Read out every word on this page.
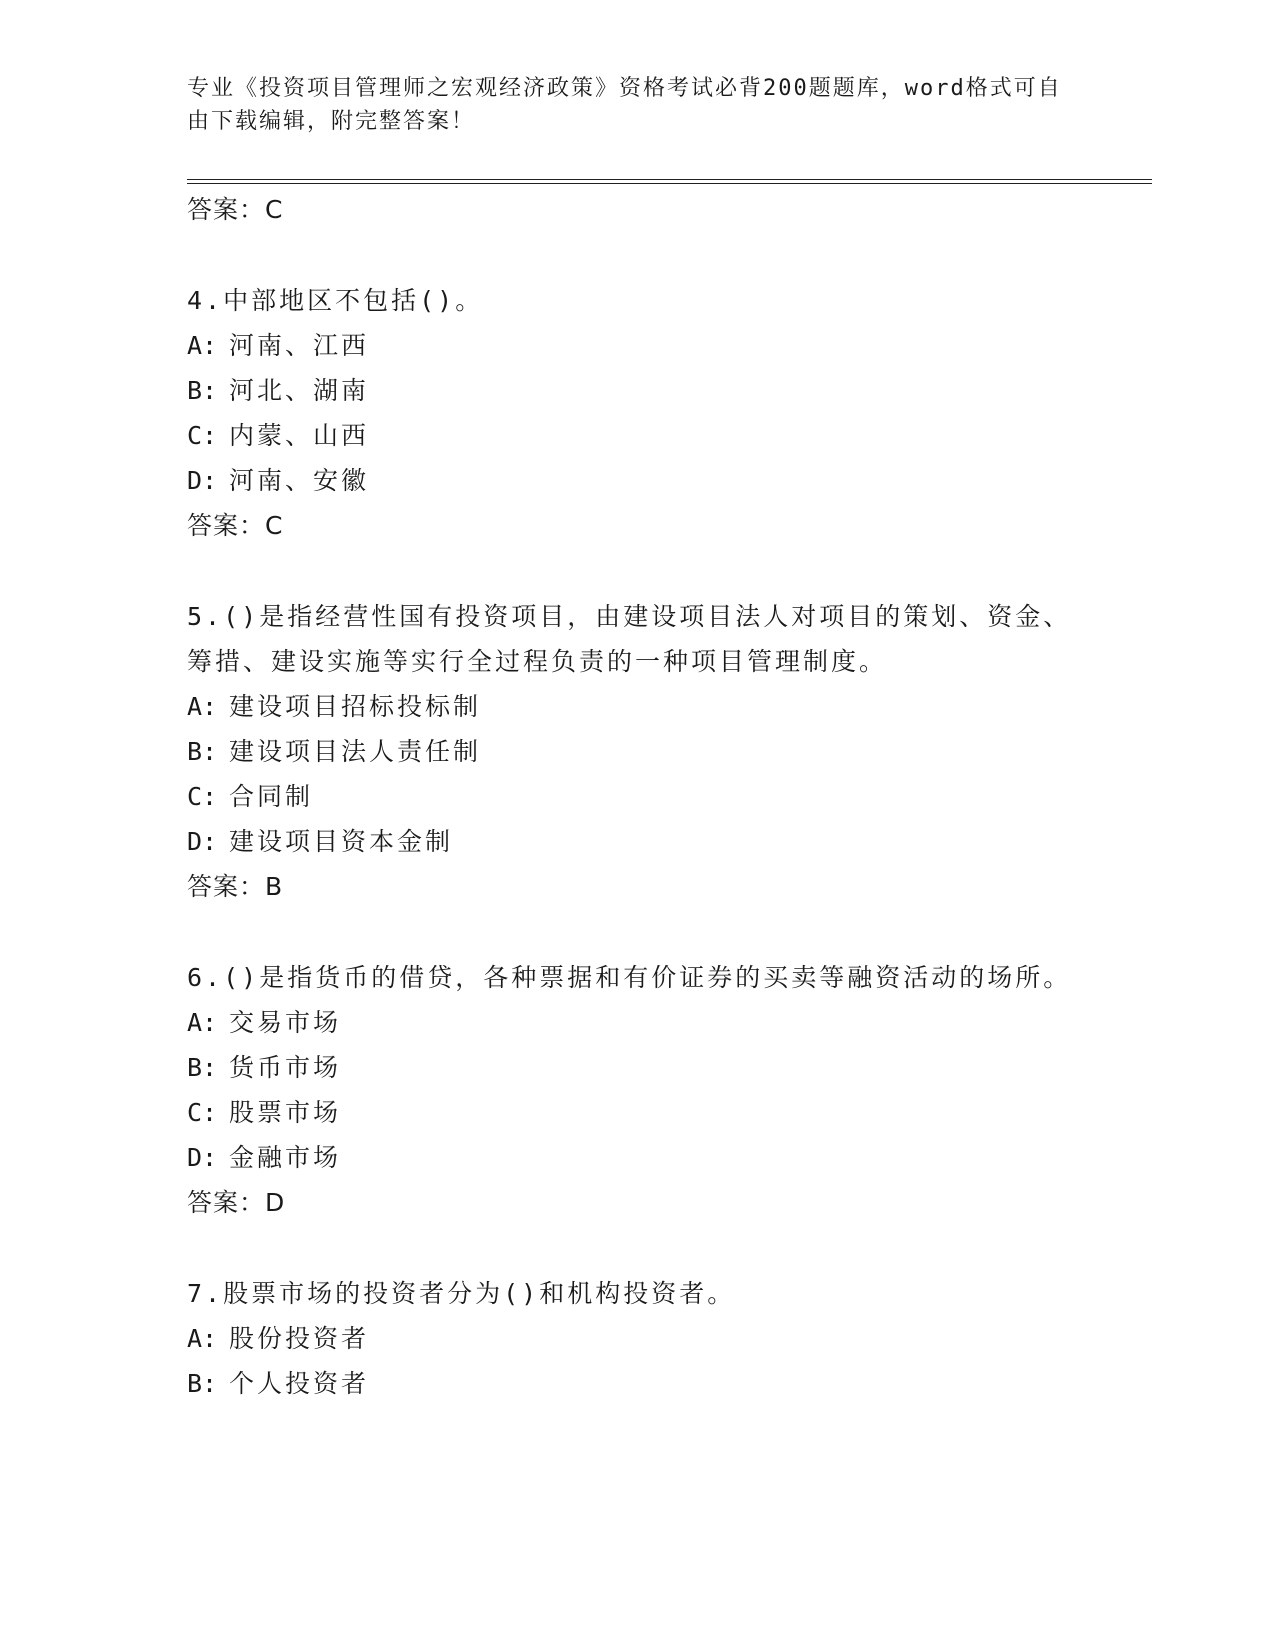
专业《投资项目管理师之宏观经济政策》资格考试必背200题题库，word格式可自由下载编辑，附完整答案！
答案：C
4.中部地区不包括()。
A: 河南、江西
B: 河北、湖南
C: 内蒙、山西
D: 河南、安徽
答案：C
5.()是指经营性国有投资项目，由建设项目法人对项目的策划、资金、筹措、建设实施等实行全过程负责的一种项目管理制度。
A: 建设项目招标投标制
B: 建设项目法人责任制
C: 合同制
D: 建设项目资本金制
答案：B
6.()是指货币的借贷，各种票据和有价证券的买卖等融资活动的场所。
A: 交易市场
B: 货币市场
C: 股票市场
D: 金融市场
答案：D
7.股票市场的投资者分为()和机构投资者。
A: 股份投资者
B: 个人投资者
